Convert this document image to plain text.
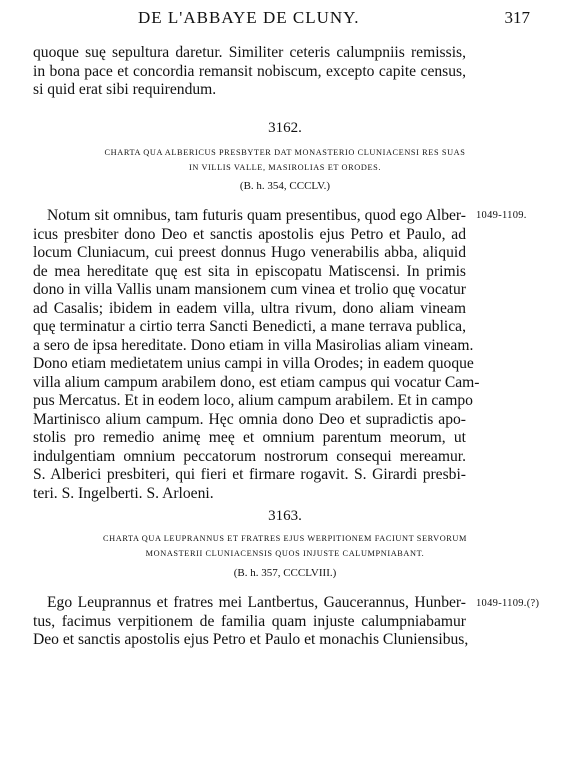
DE L'ABBAYE DE CLUNY.	317
quoque suę sepultura daretur. Similiter ceteris calumpniis remissis,
in bona pace et concordia remansit nobiscum, excepto capite census,
si quid erat sibi requirendum.
3162.
CHARTA QUA ALBERICUS PRESBYTER DAT MONASTERIO CLUNIACENSI RES SUAS
IN VILLIS VALLE, MASIROLIAS ET ORODES.
(B. h. 354, CCCLV.)
1049-1109.
Notum sit omnibus, tam futuris quam presentibus, quod ego Alber-
icus presbiter dono Deo et sanctis apostolis ejus Petro et Paulo, ad
locum Cluniacum, cui preest donnus Hugo venerabilis abba, aliquid
de mea hereditate quę est sita in episcopatu Matiscensi. In primis
dono in villa Vallis unam mansionem cum vinea et trolio quę vocatur
ad Casalis; ibidem in eadem villa, ultra rivum, dono aliam vineam
quę terminatur a cirtio terra Sancti Benedicti, a mane terrava publica,
a sero de ipsa hereditate. Dono etiam in villa Masirolias aliam vineam.
Dono etiam medietatem unius campi in villa Orodes; in eadem quoque
villa alium campum arabilem dono, est etiam campus qui vocatur Cam-
pus Mercatus. Et in eodem loco, alium campum arabilem. Et in campo
Martinisco alium campum. Hęc omnia dono Deo et supradictis apo-
stolis pro remedio animę meę et omnium parentum meorum, ut
indulgentiam omnium peccatorum nostrorum consequi mereamur.
S. Alberici presbiteri, qui fieri et firmare rogavit. S. Girardi presbi-
teri. S. Ingelberti. S. Arloeni.
3163.
CHARTA QUA LEUPRANNUS ET FRATRES EJUS WERPITIONEM FACIUNT SERVORUM
MONASTERII CLUNIACENSIS QUOS INJUSTE CALUMPNIABANT.
(B. h. 357, CCCLVIII.)
1049-1109.(?)
Ego Leuprannus et fratres mei Lantbertus, Gaucerannus, Hunber-
tus, facimus verpitionem de familia quam injuste calumpniabamur
Deo et sanctis apostolis ejus Petro et Paulo et monachis Cluniensibus,
